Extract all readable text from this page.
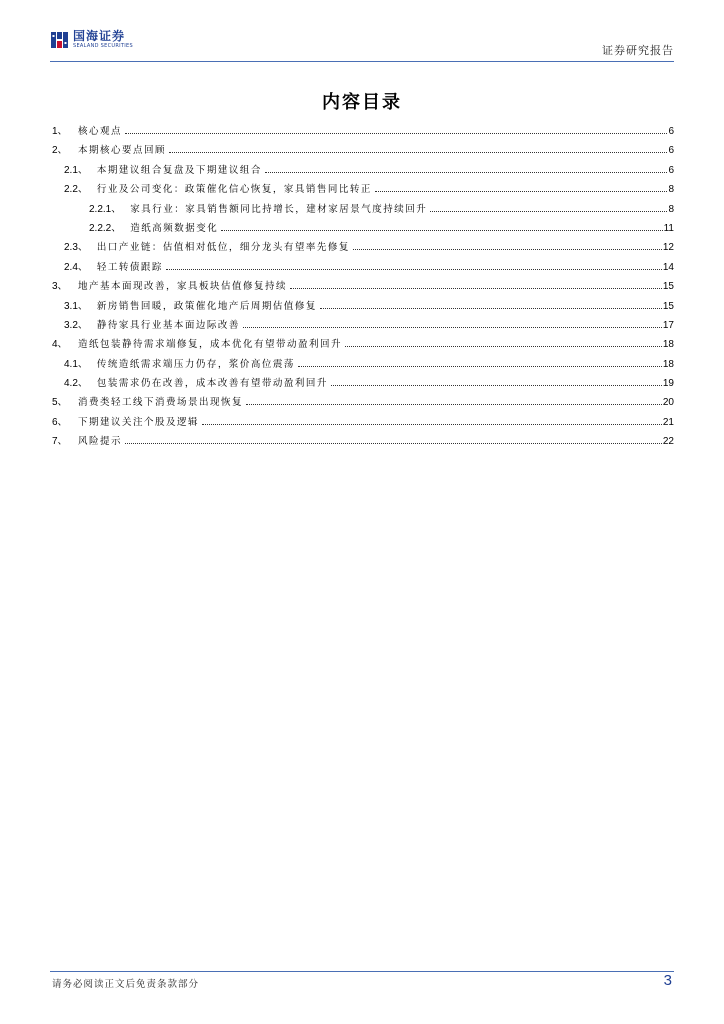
国海证券
SEALAND SECURITIES	证券研究报告
内容目录
1、 核心观点	6
2、 本期核心要点回顾	6
2.1、 本期建议组合复盘及下期建议组合	6
2.2、 行业及公司变化：政策催化信心恢复，家具销售同比转正	8
2.2.1、 家具行业：家具销售额同比持增长，建材家居景气度持续回升	8
2.2.2、 造纸高频数据变化	11
2.3、 出口产业链：估值相对低位，细分龙头有望率先修复	12
2.4、 轻工转债跟踪	14
3、 地产基本面现改善，家具板块估值修复持续	15
3.1、 新房销售回暖，政策催化地产后周期估值修复	15
3.2、 静待家具行业基本面边际改善	17
4、 造纸包装静待需求端修复，成本优化有望带动盈利回升	18
4.1、 传统造纸需求端压力仍存，浆价高位震荡	18
4.2、 包装需求仍在改善，成本改善有望带动盈利回升	19
5、 消费类轻工线下消费场景出现恢复	20
6、 下期建议关注个股及逻辑	21
7、 风险提示	22
请务必阅读正文后免责条款部分	3
